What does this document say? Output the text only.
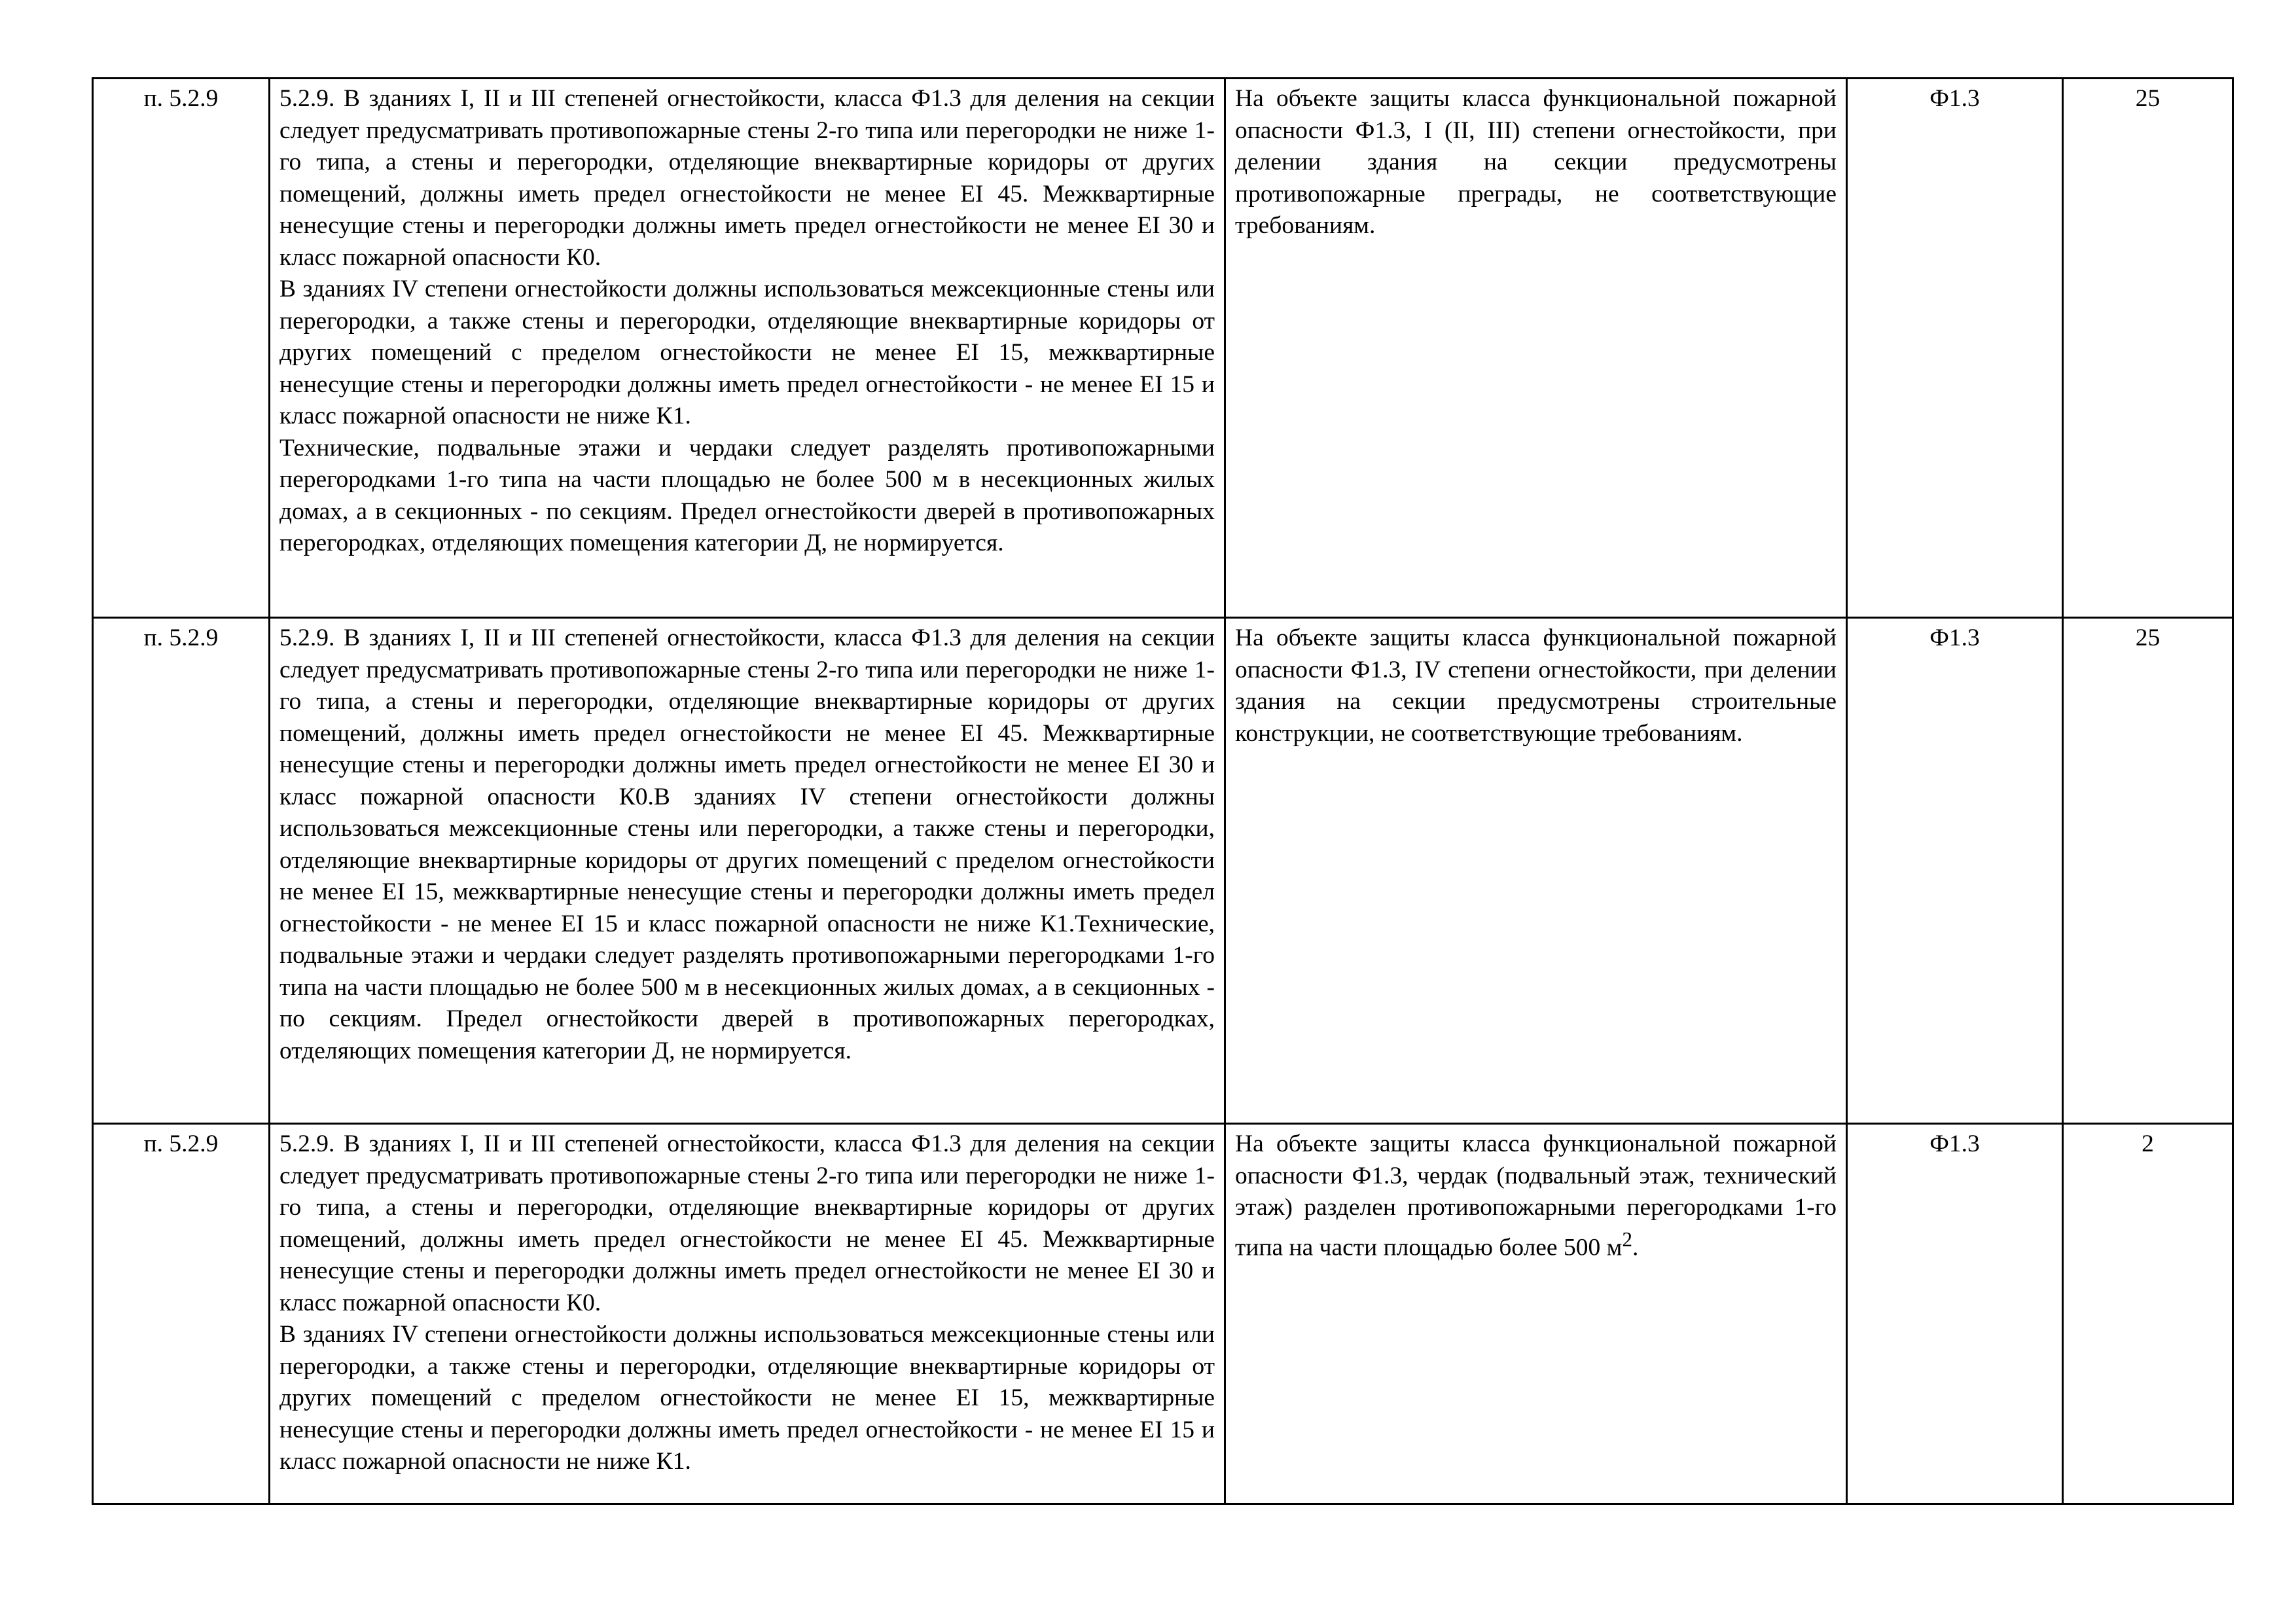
п. 5.2.9	5.2.9. В зданиях I, II и III степеней огнестойкости, класса Ф1.3 для деления на секции следует предусматривать противопожарные стены 2-го типа или перегородки не ниже 1-го типа, а стены и перегородки, отделяющие внеквартирные коридоры от других помещений, должны иметь предел огнестойкости не менее EI 45. Межквартирные ненесущие стены и перегородки должны иметь предел огнестойкости не менее EI 30 и класс пожарной опасности К0.
В зданиях IV степени огнестойкости должны использоваться межсекционные стены или перегородки, а также стены и перегородки, отделяющие внеквартирные коридоры от других помещений с пределом огнестойкости не менее EI 15, межквартирные ненесущие стены и перегородки должны иметь предел огнестойкости - не менее EI 15 и класс пожарной опасности не ниже К1.
Технические, подвальные этажи и чердаки следует разделять противопожарными перегородками 1-го типа на части площадью не более 500 м в несекционных жилых домах, а в секционных - по секциям. Предел огнестойкости дверей в противопожарных перегородках, отделяющих помещения категории Д, не нормируется.	На объекте защиты класса функциональной пожарной опасности Ф1.3, I (II, III) степени огнестойкости, при делении здания на секции предусмотрены противопожарные преграды, не соответствующие требованиям.	Ф1.3	25
п. 5.2.9	5.2.9. В зданиях I, II и III степеней огнестойкости, класса Ф1.3 для деления на секции следует предусматривать противопожарные стены 2-го типа или перегородки не ниже 1-го типа, а стены и перегородки, отделяющие внеквартирные коридоры от других помещений, должны иметь предел огнестойкости не менее EI 45. Межквартирные ненесущие стены и перегородки должны иметь предел огнестойкости не менее EI 30 и класс пожарной опасности К0.В зданиях IV степени огнестойкости должны использоваться межсекционные стены или перегородки, а также стены и перегородки, отделяющие внеквартирные коридоры от других помещений с пределом огнестойкости не менее EI 15, межквартирные ненесущие стены и перегородки должны иметь предел огнестойкости - не менее EI 15 и класс пожарной опасности не ниже К1.Технические, подвальные этажи и чердаки следует разделять противопожарными перегородками 1-го типа на части площадью не более 500 м в несекционных жилых домах, а в секционных - по секциям. Предел огнестойкости дверей в противопожарных перегородках, отделяющих помещения категории Д, не нормируется.	На объекте защиты класса функциональной пожарной опасности Ф1.3, IV степени огнестойкости, при делении здания на секции предусмотрены строительные конструкции, не соответствующие требованиям.	Ф1.3	25
п. 5.2.9	5.2.9. В зданиях I, II и III степеней огнестойкости, класса Ф1.3 для деления на секции следует предусматривать противопожарные стены 2-го типа или перегородки не ниже 1-го типа, а стены и перегородки, отделяющие внеквартирные коридоры от других помещений, должны иметь предел огнестойкости не менее EI 45. Межквартирные ненесущие стены и перегородки должны иметь предел огнестойкости не менее EI 30 и класс пожарной опасности К0.
В зданиях IV степени огнестойкости должны использоваться межсекционные стены или перегородки, а также стены и перегородки, отделяющие внеквартирные коридоры от других помещений с пределом огнестойкости не менее EI 15, межквартирные ненесущие стены и перегородки должны иметь предел огнестойкости - не менее EI 15 и класс пожарной опасности не ниже К1.	На объекте защиты класса функциональной пожарной опасности Ф1.3, чердак (подвальный этаж, технический этаж) разделен противопожарными перегородками 1-го типа на части площадью более 500 $м^2$.	Ф1.3	2
